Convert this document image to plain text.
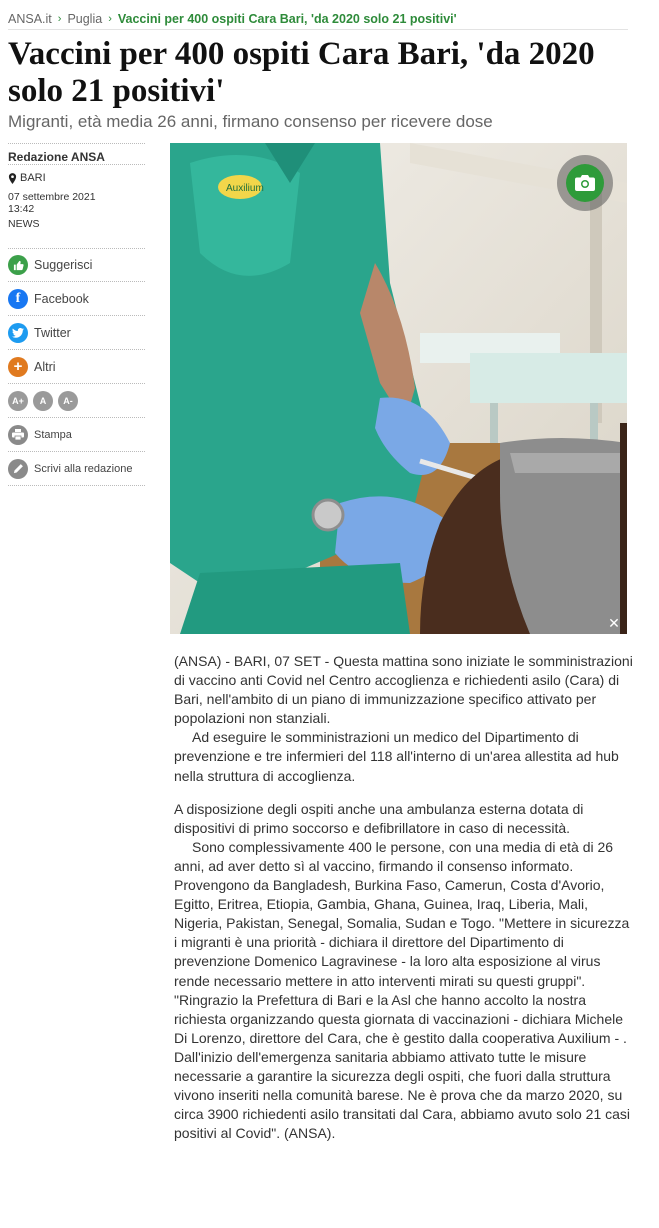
ANSA.it › Puglia › Vaccini per 400 ospiti Cara Bari, 'da 2020 solo 21 positivi'
Vaccini per 400 ospiti Cara Bari, 'da 2020 solo 21 positivi'
Migranti, età media 26 anni, firmano consenso per ricevere dose
Redazione ANSA
BARI
07 settembre 2021
13:42
NEWS
Suggerisci
f	Facebook
Twitter
+ Altri
A+	A	A-
Stampa
Scrivi alla redazione
Auxilium
✕

(ANSA) - BARI, 07 SET - Questa mattina sono iniziate le somministrazioni di vaccino anti Covid nel Centro accoglienza e richiedenti asilo (Cara) di Bari, nell'ambito di un piano di immunizzazione specifico attivato per popolazioni non stanziali.
Ad eseguire le somministrazioni un medico del Dipartimento di prevenzione e tre infermieri del 118 all'interno di un'area allestita ad hub nella struttura di accoglienza.

A disposizione degli ospiti anche una ambulanza esterna dotata di dispositivi di primo soccorso e defibrillatore in caso di necessità.
Sono complessivamente 400 le persone, con una media di età di 26 anni, ad aver detto sì al vaccino, firmando il consenso informato. Provengono da Bangladesh, Burkina Faso, Camerun, Costa d'Avorio, Egitto, Eritrea, Etiopia, Gambia, Ghana, Guinea, Iraq, Liberia, Mali, Nigeria, Pakistan, Senegal, Somalia, Sudan e Togo. "Mettere in sicurezza i migranti è una priorità - dichiara il direttore del Dipartimento di prevenzione Domenico Lagravinese - la loro alta esposizione al virus rende necessario mettere in atto interventi mirati su questi gruppi". "Ringrazio la Prefettura di Bari e la Asl che hanno accolto la nostra richiesta organizzando questa giornata di vaccinazioni - dichiara Michele Di Lorenzo, direttore del Cara, che è gestito dalla cooperativa Auxilium - . Dall'inizio dell'emergenza sanitaria abbiamo attivato tutte le misure necessarie a garantire la sicurezza degli ospiti, che fuori dalla struttura vivono inseriti nella comunità barese. Ne è prova che da marzo 2020, su circa 3900 richiedenti asilo transitati dal Cara, abbiamo avuto solo 21 casi positivi al Covid". (ANSA).
